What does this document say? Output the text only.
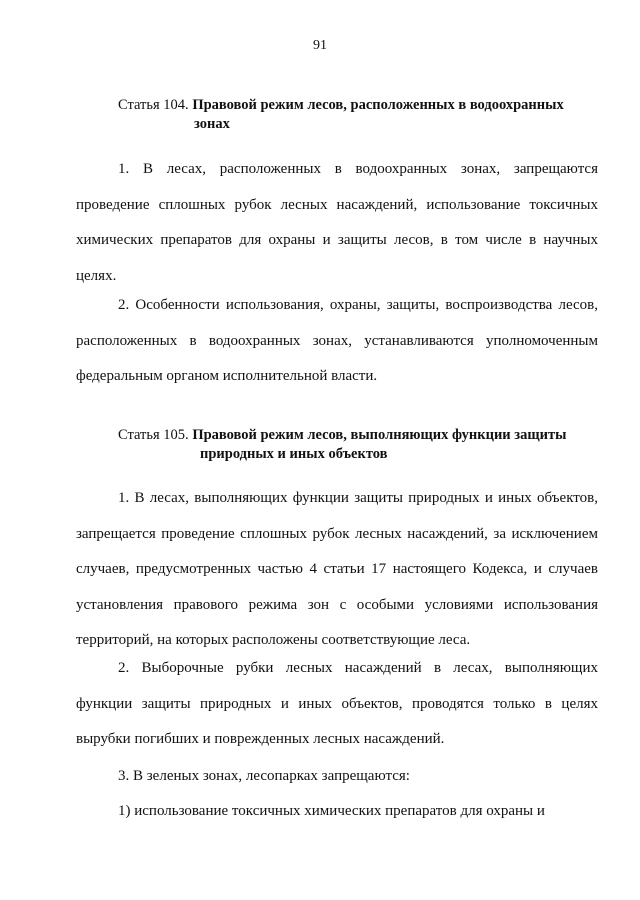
91
Статья 104. Правовой режим лесов, расположенных в водоохранных
зонах

1. В лесах, расположенных в водоохранных зонах, запрещаются проведение сплошных рубок лесных насаждений, использование токсичных химических препаратов для охраны и защиты лесов, в том числе в научных целях.

2. Особенности использования, охраны, защиты, воспроизводства лесов, расположенных в водоохранных зонах, устанавливаются уполномоченным федеральным органом исполнительной власти.

Статья 105. Правовой режим лесов, выполняющих функции защиты
природных и иных объектов

1. В лесах, выполняющих функции защиты природных и иных объектов, запрещается проведение сплошных рубок лесных насаждений, за исключением случаев, предусмотренных частью 4 статьи 17 настоящего Кодекса, и случаев установления правового режима зон с особыми условиями использования территорий, на которых расположены соответствующие леса.

2. Выборочные рубки лесных насаждений в лесах, выполняющих функции защиты природных и иных объектов, проводятся только в целях вырубки погибших и поврежденных лесных насаждений.

3. В зеленых зонах, лесопарках запрещаются:

1) использование токсичных химических препаратов для охраны и
